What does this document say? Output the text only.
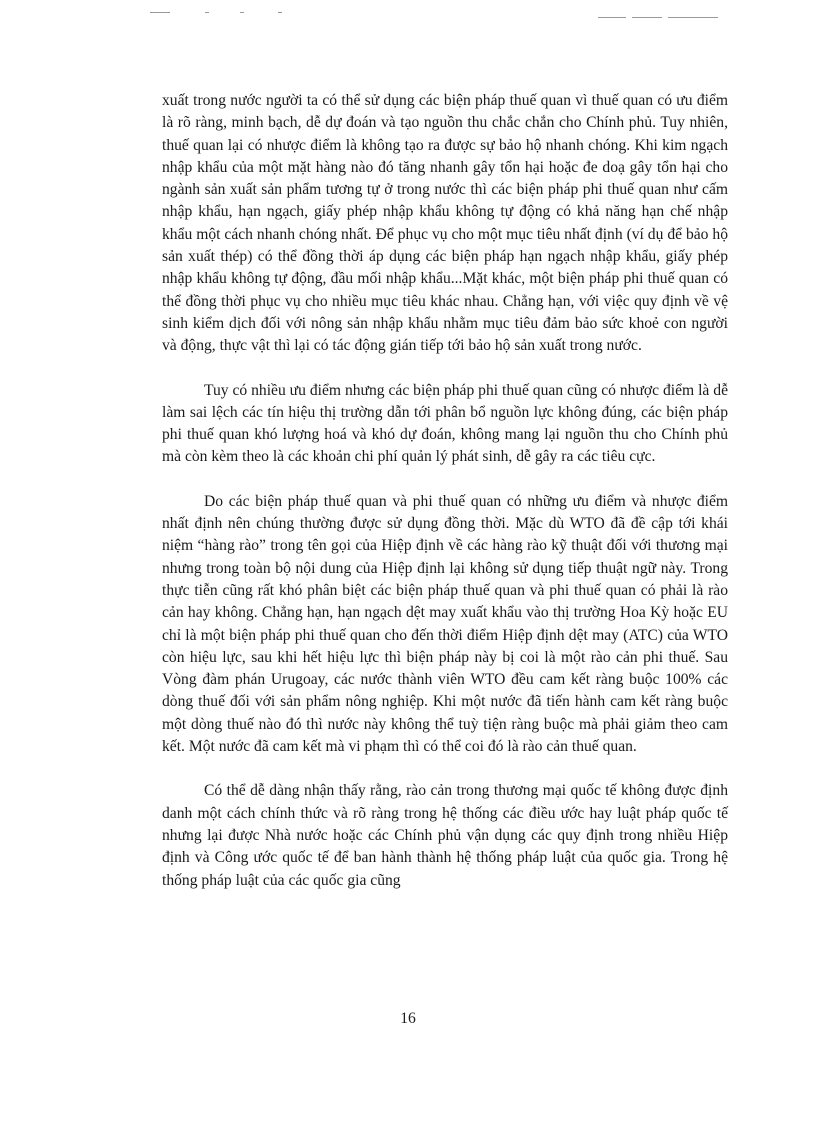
xuất trong nước người ta có thể sử dụng các biện pháp thuế quan vì thuế quan có ưu điểm là rõ ràng, minh bạch, dễ dự đoán và tạo nguồn thu chắc chắn cho Chính phủ. Tuy nhiên, thuế quan lại có nhược điểm là không tạo ra được sự bảo hộ nhanh chóng. Khi kim ngạch nhập khẩu của một mặt hàng nào đó tăng nhanh gây tổn hại hoặc đe doạ gây tổn hại cho ngành sản xuất sản phẩm tương tự ở trong nước thì các biện pháp phi thuế quan như cấm nhập khẩu, hạn ngạch, giấy phép nhập khẩu không tự động có khả năng hạn chế nhập khẩu một cách nhanh chóng nhất. Để phục vụ cho một mục tiêu nhất định (ví dụ để bảo hộ sản xuất thép) có thể đồng thời áp dụng các biện pháp hạn ngạch nhập khẩu, giấy phép nhập khẩu không tự động, đầu mối nhập khẩu...Mặt khác, một biện pháp phi thuế quan có thể đồng thời phục vụ cho nhiều mục tiêu khác nhau. Chẳng hạn, với việc quy định về vệ sinh kiểm dịch đối với nông sản nhập khẩu nhằm mục tiêu đảm bảo sức khoẻ con người và động, thực vật thì lại có tác động gián tiếp tới bảo hộ sản xuất trong nước.

Tuy có nhiều ưu điểm nhưng các biện pháp phi thuế quan cũng có nhược điểm là dễ làm sai lệch các tín hiệu thị trường dẫn tới phân bổ nguồn lực không đúng, các biện pháp phi thuế quan khó lượng hoá và khó dự đoán, không mang lại nguồn thu cho Chính phủ mà còn kèm theo là các khoản chi phí quản lý phát sinh, dễ gây ra các tiêu cực.

Do các biện pháp thuế quan và phi thuế quan có những ưu điểm và nhược điểm nhất định nên chúng thường được sử dụng đồng thời. Mặc dù WTO đã đề cập tới khái niệm “hàng rào” trong tên gọi của Hiệp định về các hàng rào kỹ thuật đối với thương mại nhưng trong toàn bộ nội dung của Hiệp định lại không sử dụng tiếp thuật ngữ này. Trong thực tiễn cũng rất khó phân biệt các biện pháp thuế quan và phi thuế quan có phải là rào cản hay không. Chẳng hạn, hạn ngạch dệt may xuất khẩu vào thị trường Hoa Kỳ hoặc EU chỉ là một biện pháp phi thuế quan cho đến thời điểm Hiệp định dệt may (ATC) của WTO còn hiệu lực, sau khi hết hiệu lực thì biện pháp này bị coi là một rào cản phi thuế. Sau Vòng đàm phán Urugoay, các nước thành viên WTO đều cam kết ràng buộc 100% các dòng thuế đối với sản phẩm nông nghiệp. Khi một nước đã tiến hành cam kết ràng buộc một dòng thuế nào đó thì nước này không thể tuỳ tiện ràng buộc mà phải giảm theo cam kết. Một nước đã cam kết mà vi phạm thì có thể coi đó là rào cản thuế quan.

Có thể dễ dàng nhận thấy rằng, rào cản trong thương mại quốc tế không được định danh một cách chính thức và rõ ràng trong hệ thống các điều ước hay luật pháp quốc tế nhưng lại được Nhà nước hoặc các Chính phủ vận dụng các quy định trong nhiều Hiệp định và Công ước quốc tế để ban hành thành hệ thống pháp luật của quốc gia. Trong hệ thống pháp luật của các quốc gia cũng

16
